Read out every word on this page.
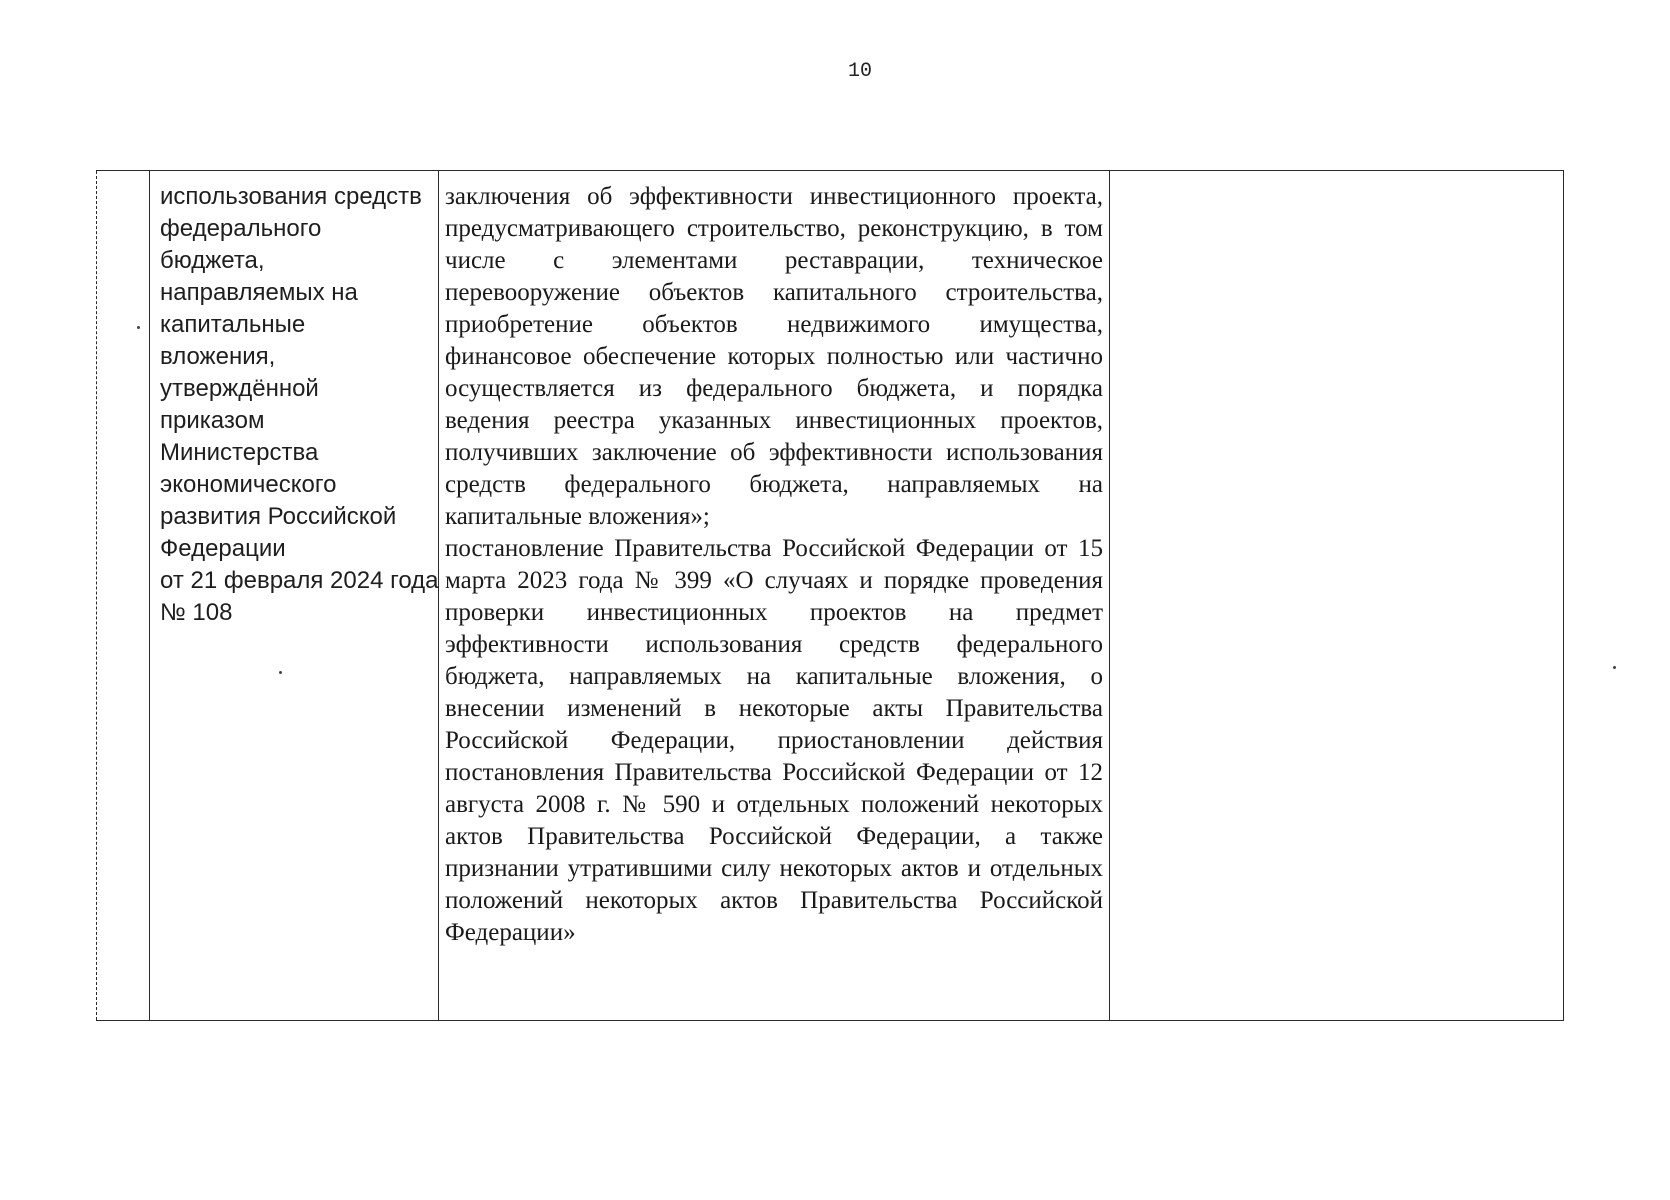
10

использования средств
федерального
бюджета,
направляемых на
капитальные
вложения,
утверждённой
приказом
Министерства
экономического
развития Российской
Федерации
от 21 февраля 2024 года
№ 108

заключения об эффективности инвестиционного проекта, предусматривающего строительство, реконструкцию, в том числе с элементами реставрации, техническое перевооружение объектов капитального строительства, приобретение объектов недвижимого имущества, финансовое обеспечение которых полностью или частично осуществляется из федерального бюджета, и порядка ведения реестра указанных инвестиционных проектов, получивших заключение об эффективности использования средств федерального бюджета, направляемых на капитальные вложения»;
постановление Правительства Российской Федерации от 15 марта 2023 года № 399 «О случаях и порядке проведения проверки инвестиционных проектов на предмет эффективности использования средств федерального бюджета, направляемых на капитальные вложения, о внесении изменений в некоторые акты Правительства Российской Федерации, приостановлении действия постановления Правительства Российской Федерации от 12 августа 2008 г. № 590 и отдельных положений некоторых актов Правительства Российской Федерации, а также признании утратившими силу некоторых актов и отдельных положений некоторых актов Правительства Российской Федерации»
